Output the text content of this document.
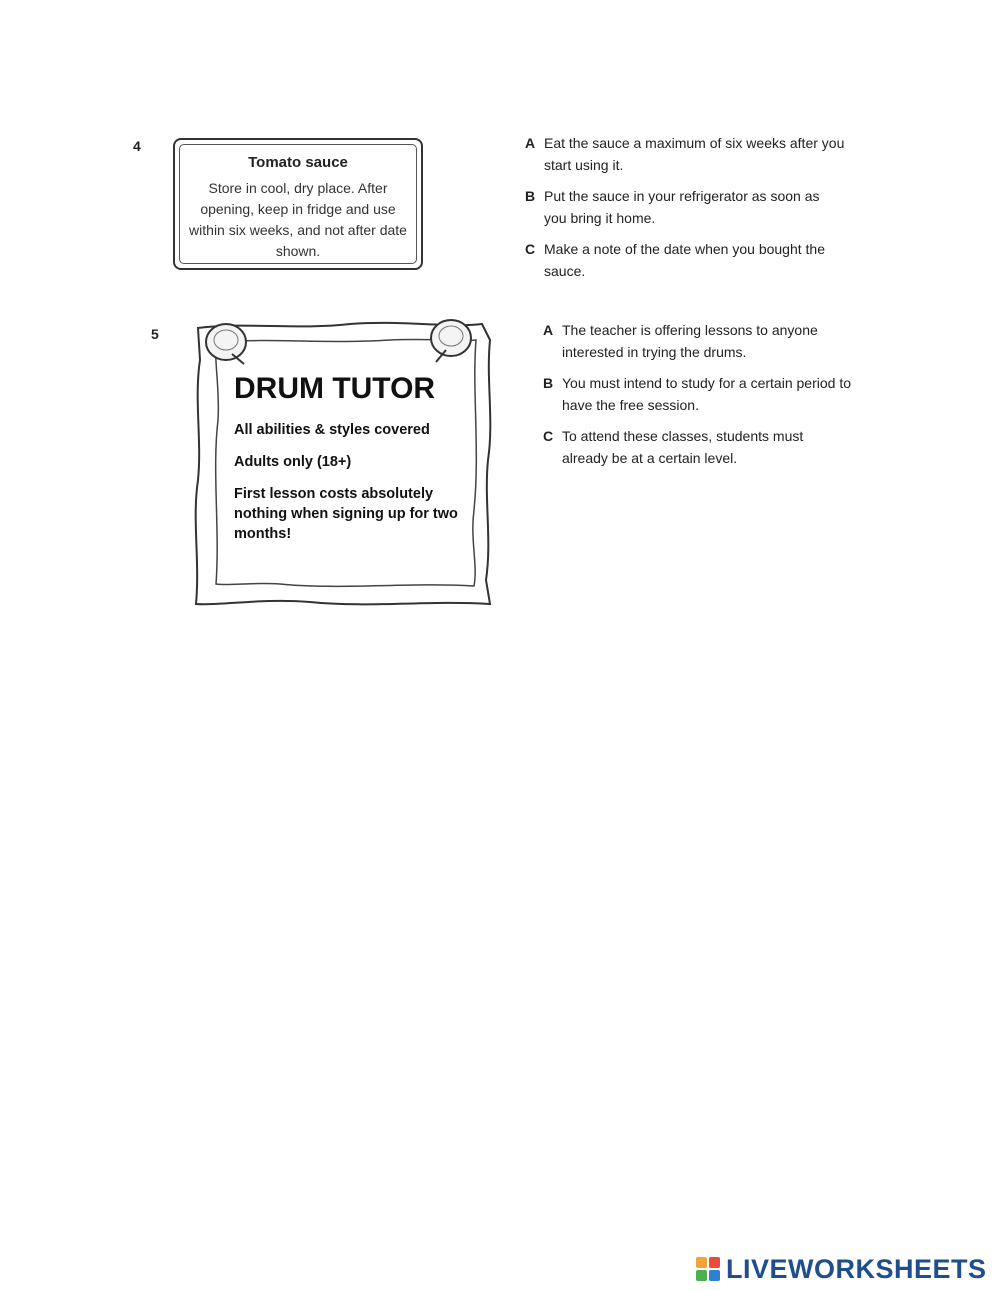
4
Tomato sauce
Store in cool, dry place. After opening, keep in fridge and use within six weeks, and not after date shown.
A Eat the sauce a maximum of six weeks after you start using it.
B Put the sauce in your refrigerator as soon as you bring it home.
C Make a note of the date when you bought the sauce.
5
DRUM TUTOR
All abilities & styles covered
Adults only (18+)
First lesson costs absolutely nothing when signing up for two months!
A The teacher is offering lessons to anyone interested in trying the drums.
B You must intend to study for a certain period to have the free session.
C To attend these classes, students must already be at a certain level.
LIVEWORKSHEETS
